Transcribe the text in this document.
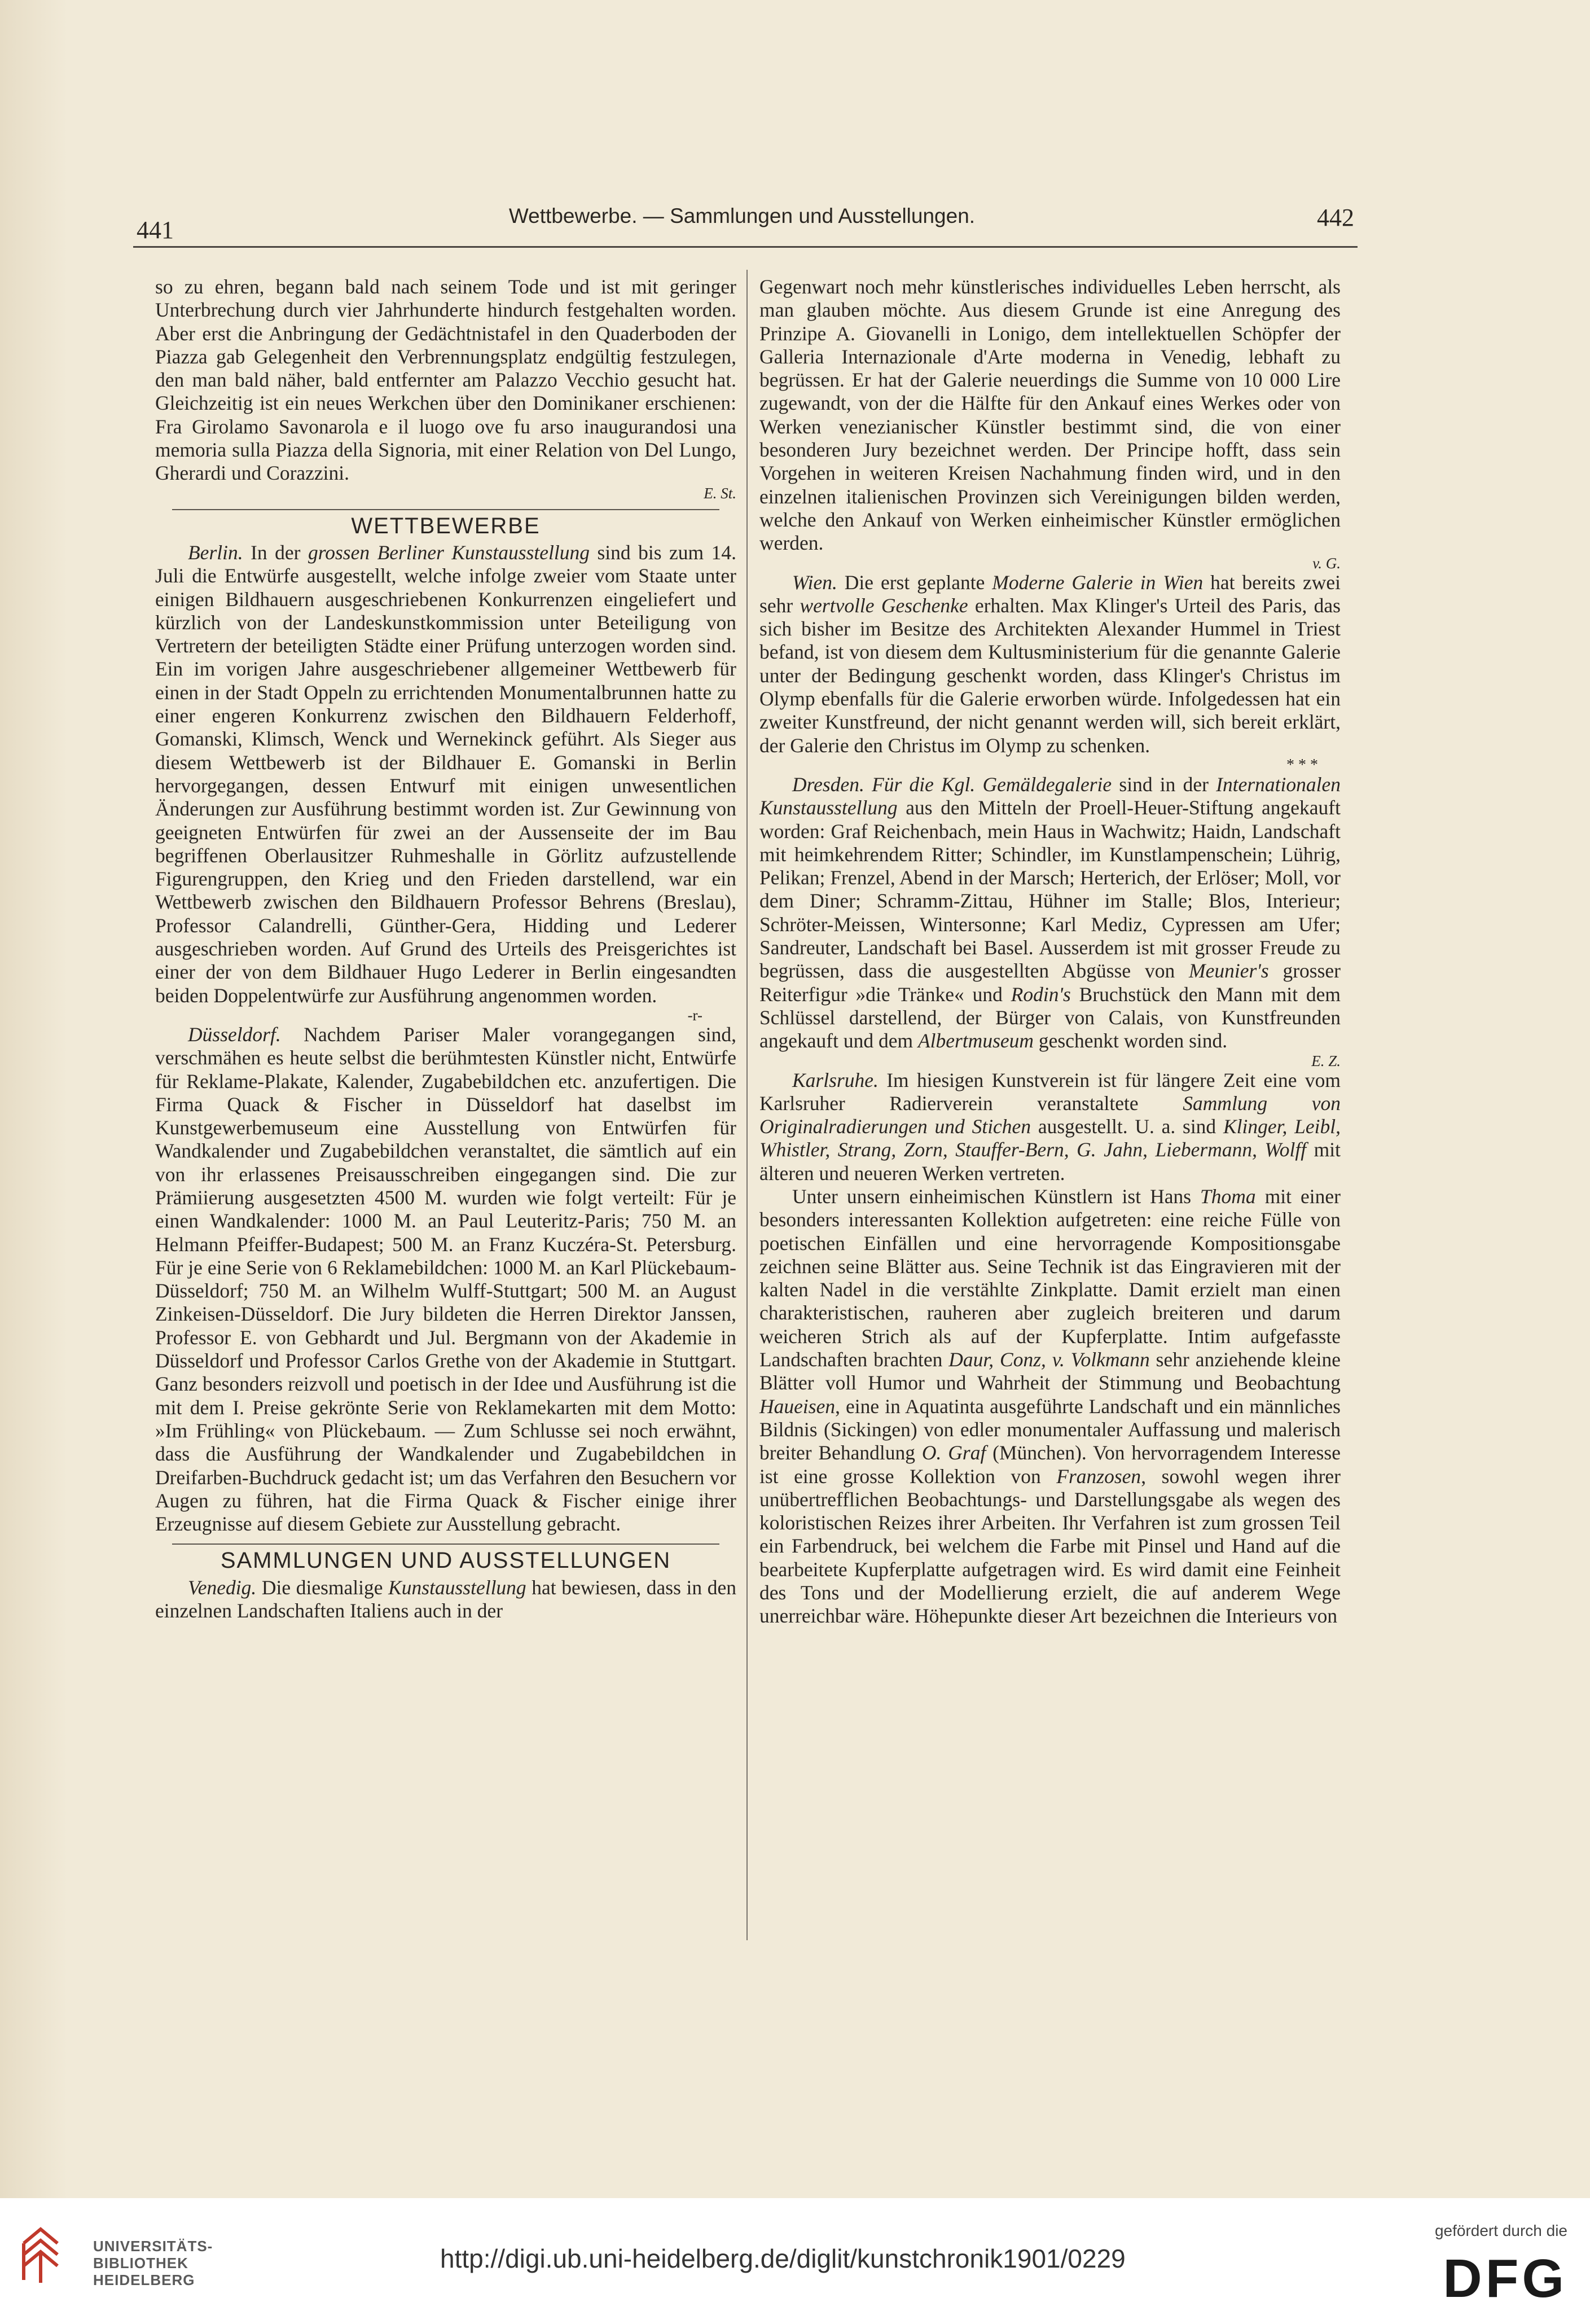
441
Wettbewerbe. — Sammlungen und Ausstellungen.	442

so zu ehren, begann bald nach seinem Tode und ist mit geringer Unterbrechung durch vier Jahrhunderte hindurch festgehalten worden. Aber erst die Anbringung der Gedächtnistafel in den Quaderboden der Piazza gab Gelegenheit den Verbrennungsplatz endgültig festzulegen, den man bald näher, bald entfernter am Palazzo Vecchio gesucht hat. Gleichzeitig ist ein neues Werkchen über den Dominikaner erschienen: Fra Girolamo Savonarola e il luogo ove fu arso inaugurandosi una memoria sulla Piazza della Signoria, mit einer Relation von Del Lungo, Gherardi und Corazzini.
E. St.

WETTBEWERBE

Berlin. In der grossen Berliner Kunstausstellung sind bis zum 14. Juli die Entwürfe ausgestellt, welche infolge zweier vom Staate unter einigen Bildhauern ausgeschriebenen Konkurrenzen eingeliefert und kürzlich von der Landeskunstkommission unter Beteiligung von Vertretern der beteiligten Städte einer Prüfung unterzogen worden sind. Ein im vorigen Jahre ausgeschriebener allgemeiner Wettbewerb für einen in der Stadt Oppeln zu errichtenden Monumentalbrunnen hatte zu einer engeren Konkurrenz zwischen den Bildhauern Felderhoff, Gomanski, Klimsch, Wenck und Wernekinck geführt. Als Sieger aus diesem Wettbewerb ist der Bildhauer E. Gomanski in Berlin hervorgegangen, dessen Entwurf mit einigen unwesentlichen Änderungen zur Ausführung bestimmt worden ist. Zur Gewinnung von geeigneten Entwürfen für zwei an der Aussenseite der im Bau begriffenen Oberlausitzer Ruhmeshalle in Görlitz aufzustellende Figurengruppen, den Krieg und den Frieden darstellend, war ein Wettbewerb zwischen den Bildhauern Professor Behrens (Breslau), Professor Calandrelli, Günther-Gera, Hidding und Lederer ausgeschrieben worden. Auf Grund des Urteils des Preisgerichtes ist einer der von dem Bildhauer Hugo Lederer in Berlin eingesandten beiden Doppelentwürfe zur Ausführung angenommen worden.
-r-

Düsseldorf. Nachdem Pariser Maler vorangegangen sind, verschmähen es heute selbst die berühmtesten Künstler nicht, Entwürfe für Reklame-Plakate, Kalender, Zugabebildchen etc. anzufertigen. Die Firma Quack & Fischer in Düsseldorf hat daselbst im Kunstgewerbemuseum eine Ausstellung von Entwürfen für Wandkalender und Zugabebildchen veranstaltet, die sämtlich auf ein von ihr erlassenes Preisausschreiben eingegangen sind. Die zur Prämiierung ausgesetzten 4500 M. wurden wie folgt verteilt: Für je einen Wandkalender: 1000 M. an Paul Leuteritz-Paris; 750 M. an Helmann Pfeiffer-Budapest; 500 M. an Franz Kuczéra-St. Petersburg. Für je eine Serie von 6 Reklamebildchen: 1000 M. an Karl Plückebaum-Düsseldorf; 750 M. an Wilhelm Wulff-Stuttgart; 500 M. an August Zinkeisen-Düsseldorf. Die Jury bildeten die Herren Direktor Janssen, Professor E. von Gebhardt und Jul. Bergmann von der Akademie in Düsseldorf und Professor Carlos Grethe von der Akademie in Stuttgart. Ganz besonders reizvoll und poetisch in der Idee und Ausführung ist die mit dem I. Preise gekrönte Serie von Reklamekarten mit dem Motto: »Im Frühling« von Plückebaum. — Zum Schlusse sei noch erwähnt, dass die Ausführung der Wandkalender und Zugabebildchen in Dreifarben-Buchdruck gedacht ist; um das Verfahren den Besuchern vor Augen zu führen, hat die Firma Quack & Fischer einige ihrer Erzeugnisse auf diesem Gebiete zur Ausstellung gebracht.

SAMMLUNGEN UND AUSSTELLUNGEN

Venedig. Die diesmalige Kunstausstellung hat bewiesen, dass in den einzelnen Landschaften Italiens auch in der

Gegenwart noch mehr künstlerisches individuelles Leben herrscht, als man glauben möchte. Aus diesem Grunde ist eine Anregung des Prinzipe A. Giovanelli in Lonigo, dem intellektuellen Schöpfer der Galleria Internazionale d'Arte moderna in Venedig, lebhaft zu begrüssen. Er hat der Galerie neuerdings die Summe von 10 000 Lire zugewandt, von der die Hälfte für den Ankauf eines Werkes oder von Werken venezianischer Künstler bestimmt sind, die von einer besonderen Jury bezeichnet werden. Der Principe hofft, dass sein Vorgehen in weiteren Kreisen Nachahmung finden wird, und in den einzelnen italienischen Provinzen sich Vereinigungen bilden werden, welche den Ankauf von Werken einheimischer Künstler ermöglichen werden.
v. G.

Wien. Die erst geplante Moderne Galerie in Wien hat bereits zwei sehr wertvolle Geschenke erhalten. Max Klinger's Urteil des Paris, das sich bisher im Besitze des Architekten Alexander Hummel in Triest befand, ist von diesem dem Kultusministerium für die genannte Galerie unter der Bedingung geschenkt worden, dass Klinger's Christus im Olymp ebenfalls für die Galerie erworben würde. Infolgedessen hat ein zweiter Kunstfreund, der nicht genannt werden will, sich bereit erklärt, der Galerie den Christus im Olymp zu schenken.
* * *

Dresden. Für die Kgl. Gemäldegalerie sind in der Internationalen Kunstausstellung aus den Mitteln der Proell-Heuer-Stiftung angekauft worden: Graf Reichenbach, mein Haus in Wachwitz; Haidn, Landschaft mit heimkehrendem Ritter; Schindler, im Kunstlampenschein; Lührig, Pelikan; Frenzel, Abend in der Marsch; Herterich, der Erlöser; Moll, vor dem Diner; Schramm-Zittau, Hühner im Stalle; Blos, Interieur; Schröter-Meissen, Wintersonne; Karl Mediz, Cypressen am Ufer; Sandreuter, Landschaft bei Basel. Ausserdem ist mit grosser Freude zu begrüssen, dass die ausgestellten Abgüsse von Meunier's grosser Reiterfigur »die Tränke« und Rodin's Bruchstück den Mann mit dem Schlüssel darstellend, der Bürger von Calais, von Kunstfreunden angekauft und dem Albertmuseum geschenkt worden sind.
E. Z.

Karlsruhe. Im hiesigen Kunstverein ist für längere Zeit eine vom Karlsruher Radierverein veranstaltete Sammlung von Originalradierungen und Stichen ausgestellt. U. a. sind Klinger, Leibl, Whistler, Strang, Zorn, Stauffer-Bern, G. Jahn, Liebermann, Wolff mit älteren und neueren Werken vertreten.

Unter unsern einheimischen Künstlern ist Hans Thoma mit einer besonders interessanten Kollektion aufgetreten: eine reiche Fülle von poetischen Einfällen und eine hervorragende Kompositionsgabe zeichnen seine Blätter aus. Seine Technik ist das Eingravieren mit der kalten Nadel in die verstählte Zinkplatte. Damit erzielt man einen charakteristischen, rauheren aber zugleich breiteren und darum weicheren Strich als auf der Kupferplatte. Intim aufgefasste Landschaften brachten Daur, Conz, v. Volkmann sehr anziehende kleine Blätter voll Humor und Wahrheit der Stimmung und Beobachtung Haueisen, eine in Aquatinta ausgeführte Landschaft und ein männliches Bildnis (Sickingen) von edler monumentaler Auffassung und malerisch breiter Behandlung O. Graf (München). Von hervorragendem Interesse ist eine grosse Kollektion von Franzosen, sowohl wegen ihrer unübertrefflichen Beobachtungs- und Darstellungsgabe als wegen des koloristischen Reizes ihrer Arbeiten. Ihr Verfahren ist zum grossen Teil ein Farbendruck, bei welchem die Farbe mit Pinsel und Hand auf die bearbeitete Kupferplatte aufgetragen wird. Es wird damit eine Feinheit des Tons und der Modellierung erzielt, die auf anderem Wege unerreichbar wäre. Höhepunkte dieser Art bezeichnen die Interieurs von

UNIVERSITÄTS-
BIBLIOTHEK
HEIDELBERG
http://digi.ub.uni-heidelberg.de/diglit/kunstchronik1901/0229
gefördert durch die
DFG
